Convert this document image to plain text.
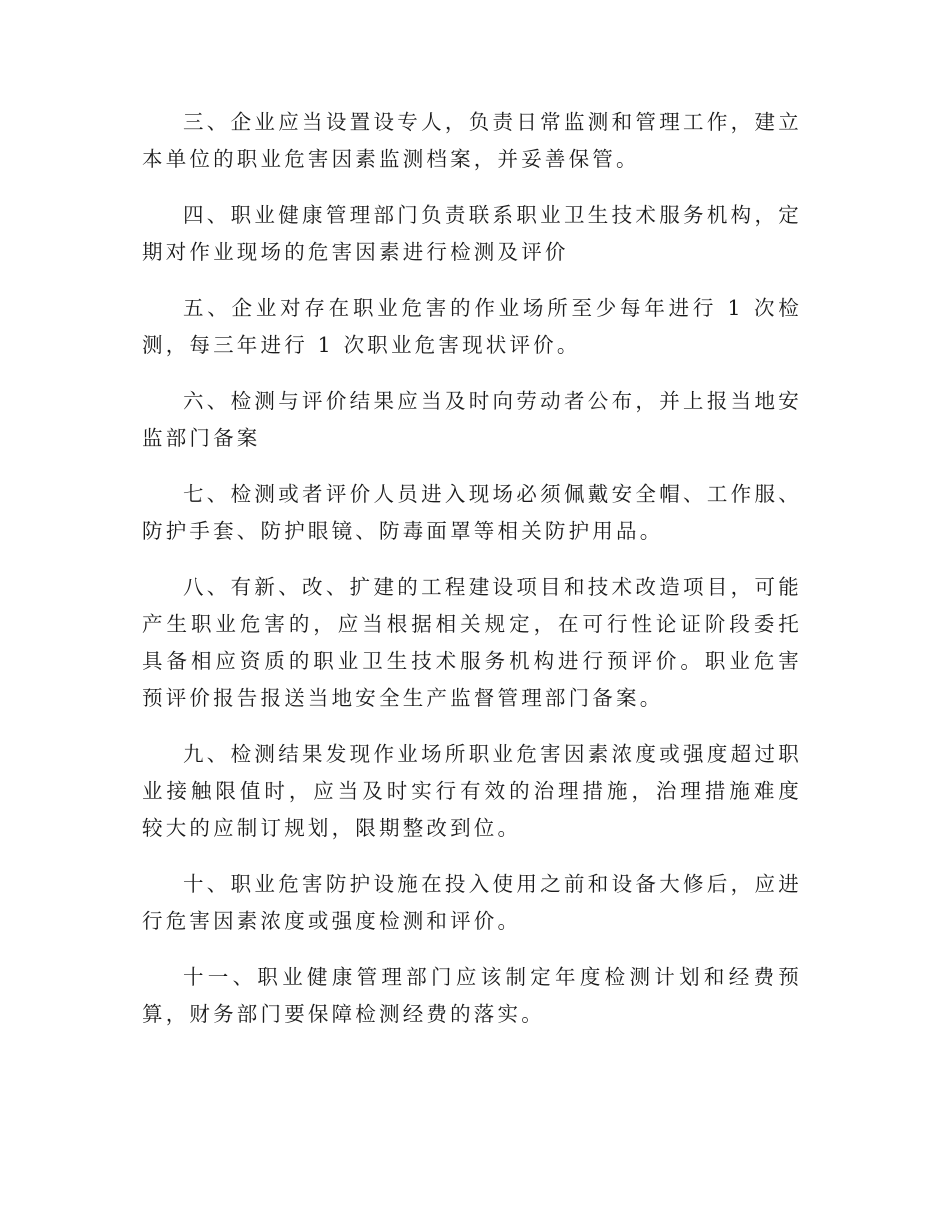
三、企业应当设置设专人，负责日常监测和管理工作，建立本单位的职业危害因素监测档案，并妥善保管。

四、职业健康管理部门负责联系职业卫生技术服务机构，定期对作业现场的危害因素进行检测及评价

五、企业对存在职业危害的作业场所至少每年进行 1 次检测，每三年进行 1 次职业危害现状评价。

六、检测与评价结果应当及时向劳动者公布，并上报当地安监部门备案

七、检测或者评价人员进入现场必须佩戴安全帽、工作服、防护手套、防护眼镜、防毒面罩等相关防护用品。

八、有新、改、扩建的工程建设项目和技术改造项目，可能产生职业危害的，应当根据相关规定，在可行性论证阶段委托具备相应资质的职业卫生技术服务机构进行预评价。职业危害预评价报告报送当地安全生产监督管理部门备案。

九、检测结果发现作业场所职业危害因素浓度或强度超过职业接触限值时，应当及时实行有效的治理措施，治理措施难度较大的应制订规划，限期整改到位。

十、职业危害防护设施在投入使用之前和设备大修后，应进行危害因素浓度或强度检测和评价。

十一、职业健康管理部门应该制定年度检测计划和经费预算，财务部门要保障检测经费的落实。
